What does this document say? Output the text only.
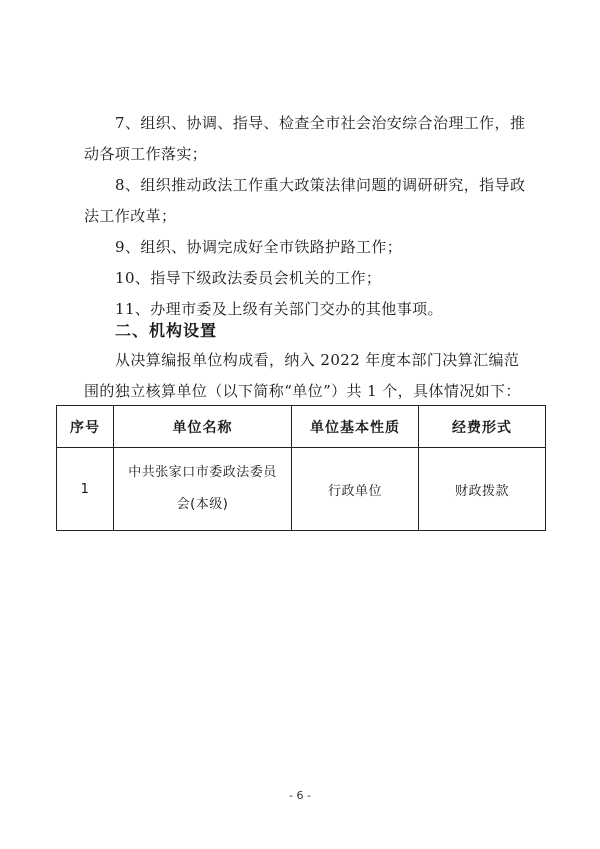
7、组织、协调、指导、检查全市社会治安综合治理工作，推动各项工作落实；

8、组织推动政法工作重大政策法律问题的调研研究，指导政法工作改革；

9、组织、协调完成好全市铁路护路工作；

10、指导下级政法委员会机关的工作；

11、办理市委及上级有关部门交办的其他事项。

二、机构设置

从决算编报单位构成看，纳入 2022 年度本部门决算汇编范围的独立核算单位（以下简称“单位”）共 1 个，具体情况如下：

序号	单位名称	单位基本性质	经费形式
1	中共张家口市委政法委员会(本级)	行政单位	财政拨款
- 6 -
